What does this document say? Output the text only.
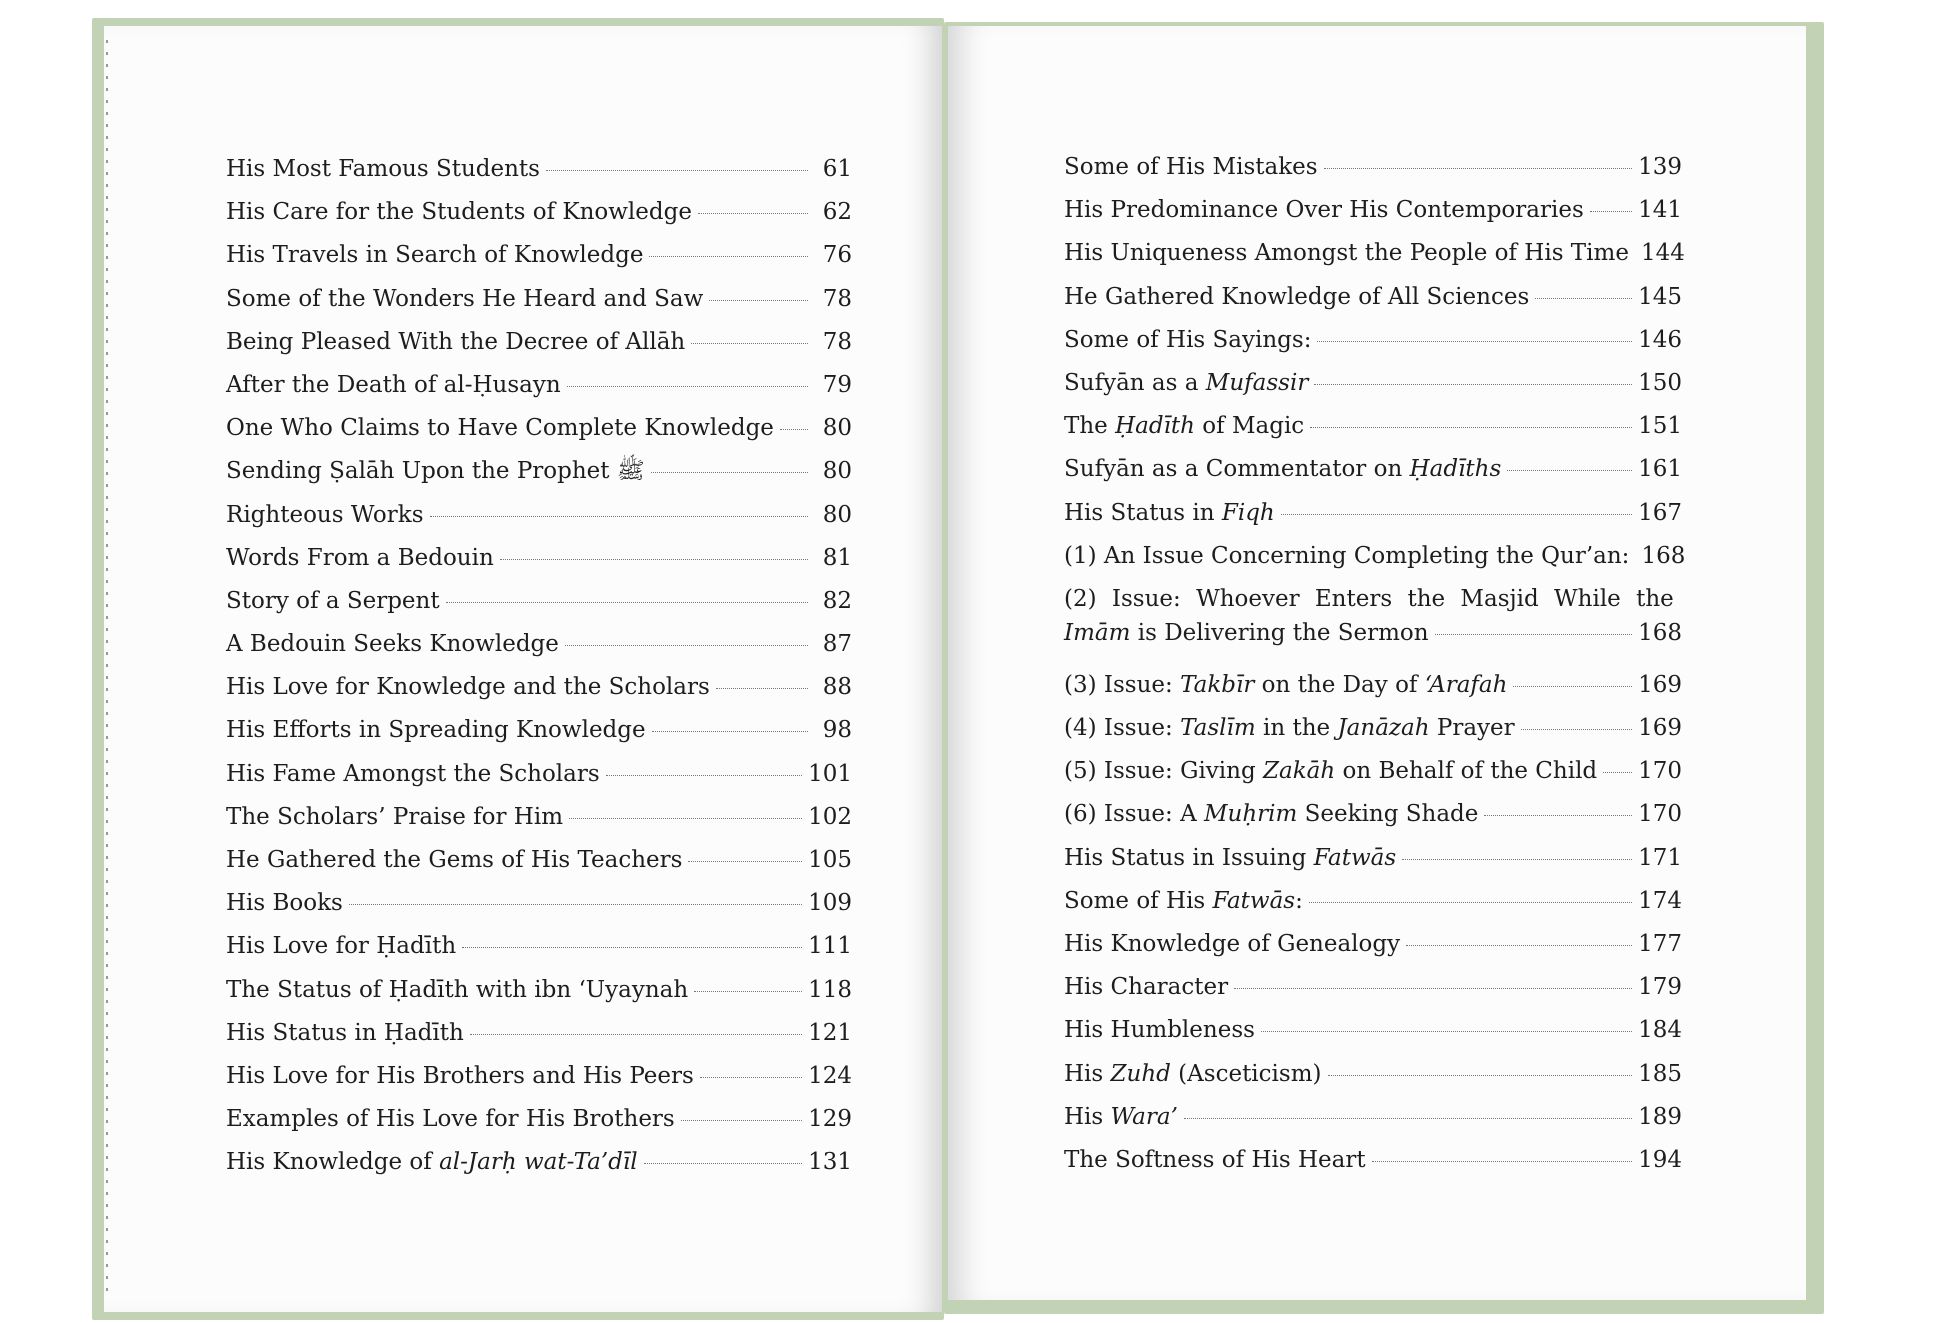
His Most Famous Students	61
His Care for the Students of Knowledge	62
His Travels in Search of Knowledge	76
Some of the Wonders He Heard and Saw	78
Being Pleased With the Decree of Allāh	78
After the Death of al-Ḥusayn	79
One Who Claims to Have Complete Knowledge	80
Sending Ṣalāh Upon the Prophet ﷺ	80
Righteous Works	80
Words From a Bedouin	81
Story of a Serpent	82
A Bedouin Seeks Knowledge	87
His Love for Knowledge and the Scholars	88
His Efforts in Spreading Knowledge	98
His Fame Amongst the Scholars	101
The Scholars’ Praise for Him	102
He Gathered the Gems of His Teachers	105
His Books	109
His Love for Ḥadīth	111
The Status of Ḥadīth with ibn ‘Uyaynah	118
His Status in Ḥadīth	121
His Love for His Brothers and His Peers	124
Examples of His Love for His Brothers	129
His Knowledge of al-Jarḥ wat-Ta’dīl	131
Some of His Mistakes	139
His Predominance Over His Contemporaries 141
His Uniqueness Amongst the People of His Time 144
He Gathered Knowledge of All Sciences	145
Some of His Sayings:	146
Sufyān as a Mufassir	150
The Ḥadīth of Magic	151
Sufyān as a Commentator on Ḥadīths	161
His Status in Fiqh	167
(1) An Issue Concerning Completing the Qur’an: 168
(2) Issue: Whoever Enters the Masjid While the
Imām is Delivering the Sermon	168
(3) Issue: Takbīr on the Day of ‘Arafah	169
(4) Issue: Taslīm in the Janāzah Prayer	169
(5) Issue: Giving Zakāh on Behalf of the Child 170
(6) Issue: A Muḥrim Seeking Shade	170
His Status in Issuing Fatwās	171
Some of His Fatwās:	174
His Knowledge of Genealogy	177
His Character	179
His Humbleness	184
His Zuhd (Asceticism)	185
His Wara’	189
The Softness of His Heart	194
